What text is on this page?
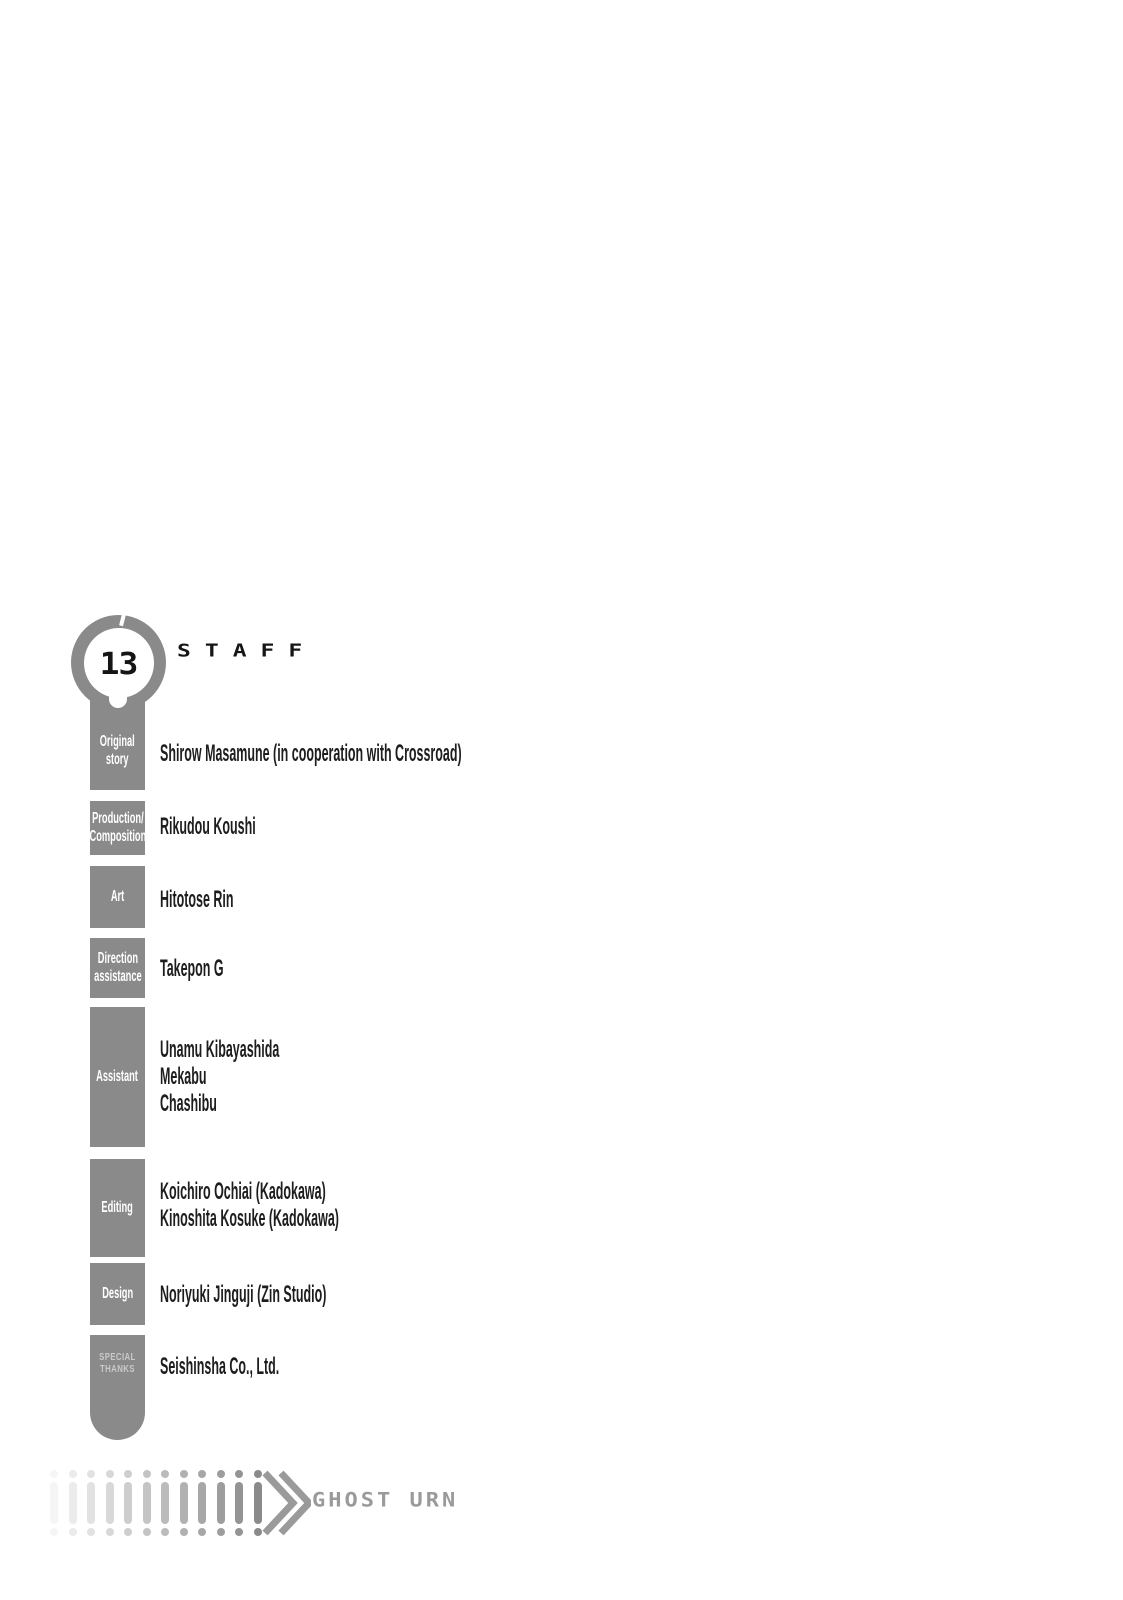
13	STAFF
Original
story
Production/
Composition
Art
Direction
assistance
Assistant
Editing
Design
SPECIAL
THANKS
Shirow Masamune (in cooperation with Crossroad)
Rikudou Koushi
Hitotose Rin
Takepon G
Unamu Kibayashida
Mekabu
Chashibu
Koichiro Ochiai (Kadokawa)
Kinoshita Kosuke (Kadokawa)
Noriyuki Jinguji (Zin Studio)
Seishinsha Co., Ltd.
GHOST URN
